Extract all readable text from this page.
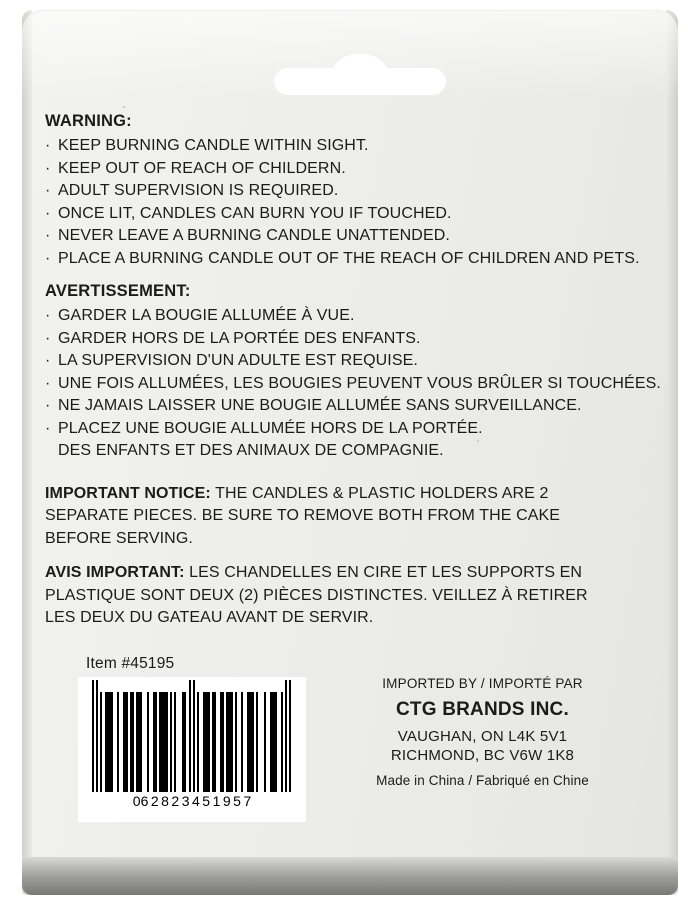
WARNING:
· KEEP BURNING CANDLE WITHIN SIGHT.
· KEEP OUT OF REACH OF CHILDERN.
· ADULT SUPERVISION IS REQUIRED.
· ONCE LIT, CANDLES CAN BURN YOU IF TOUCHED.
· NEVER LEAVE A BURNING CANDLE UNATTENDED.
· PLACE A BURNING CANDLE OUT OF THE REACH OF CHILDREN AND PETS.
AVERTISSEMENT:
· GARDER LA BOUGIE ALLUMÉE À VUE.
· GARDER HORS DE LA PORTÉE DES ENFANTS.
· LA SUPERVISION D'UN ADULTE EST REQUISE.
· UNE FOIS ALLUMÉES, LES BOUGIES PEUVENT VOUS BRÛLER SI TOUCHÉES.
· NE JAMAIS LAISSER UNE BOUGIE ALLUMÉE SANS SURVEILLANCE.
· PLACEZ UNE BOUGIE ALLUMÉE HORS DE LA PORTÉE.
DES ENFANTS ET DES ANIMAUX DE COMPAGNIE.

IMPORTANT NOTICE: THE CANDLES & PLASTIC HOLDERS ARE 2 SEPARATE PIECES. BE SURE TO REMOVE BOTH FROM THE CAKE BEFORE SERVING.

AVIS IMPORTANT: LES CHANDELLES EN CIRE ET LES SUPPORTS EN PLASTIQUE SONT DEUX (2) PIÈCES DISTINCTES. VEILLEZ À RETIRER LES DEUX DU GATEAU AVANT DE SERVIR.

Item #45195
062823451957
IMPORTED BY / IMPORTÉ PAR
CTG BRANDS INC.
VAUGHAN, ON L4K 5V1
RICHMOND, BC V6W 1K8
Made in China / Fabriqué en Chine
